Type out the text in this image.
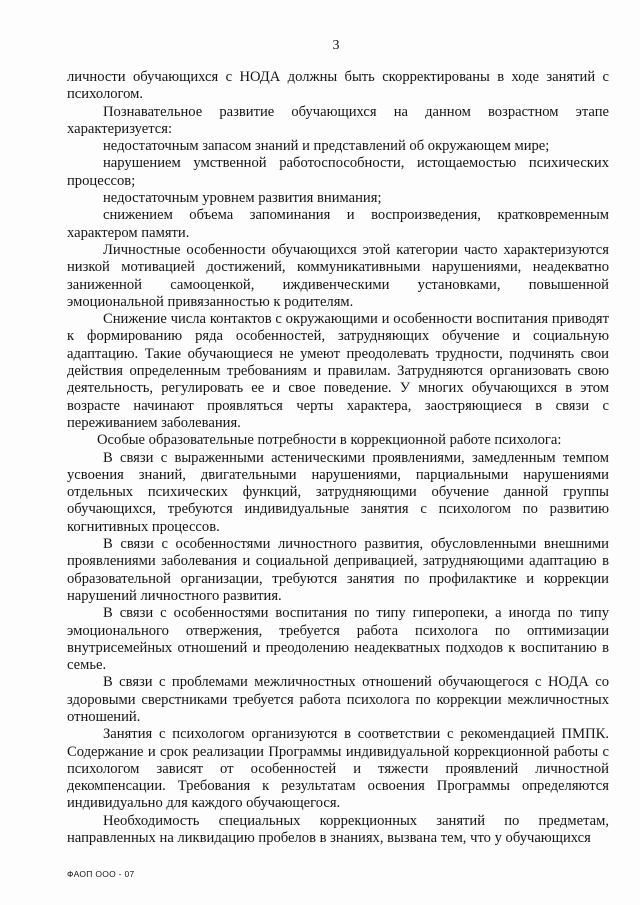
3

личности обучающихся с НОДА должны быть скорректированы в ходе занятий с психологом.

Познавательное развитие обучающихся на данном возрастном этапе характеризуется:

недостаточным запасом знаний и представлений об окружающем мире;

нарушением умственной работоспособности, истощаемостью психических процессов;

недостаточным уровнем развития внимания;

снижением объема запоминания и воспроизведения, кратковременным характером памяти.

Личностные особенности обучающихся этой категории часто характеризуются низкой мотивацией достижений, коммуникативными нарушениями, неадекватно заниженной самооценкой, иждивенческими установками, повышенной эмоциональной привязанностью к родителям.

Снижение числа контактов с окружающими и особенности воспитания приводят к формированию ряда особенностей, затрудняющих обучение и социальную адаптацию. Такие обучающиеся не умеют преодолевать трудности, подчинять свои действия определенным требованиям и правилам. Затрудняются организовать свою деятельность, регулировать ее и свое поведение. У многих обучающихся в этом возрасте начинают проявляться черты характера, заостряющиеся в связи с переживанием заболевания.

Особые образовательные потребности в коррекционной работе психолога:

В связи с выраженными астеническими проявлениями, замедленным темпом усвоения знаний, двигательными нарушениями, парциальными нарушениями отдельных психических функций, затрудняющими обучение данной группы обучающихся, требуются индивидуальные занятия с психологом по развитию когнитивных процессов.

В связи с особенностями личностного развития, обусловленными внешними проявлениями заболевания и социальной депривацией, затрудняющими адаптацию в образовательной организации, требуются занятия по профилактике и коррекции нарушений личностного развития.

В связи с особенностями воспитания по типу гиперопеки, а иногда по типу эмоционального отвержения, требуется работа психолога по оптимизации внутрисемейных отношений и преодолению неадекватных подходов к воспитанию в семье.

В связи с проблемами межличностных отношений обучающегося с НОДА со здоровыми сверстниками требуется работа психолога по коррекции межличностных отношений.

Занятия с психологом организуются в соответствии с рекомендацией ПМПК. Содержание и срок реализации Программы индивидуальной коррекционной работы с психологом зависят от особенностей и тяжести проявлений личностной декомпенсации. Требования к результатам освоения Программы определяются индивидуально для каждого обучающегося.

Необходимость специальных коррекционных занятий по предметам, направленных на ликвидацию пробелов в знаниях, вызвана тем, что у обучающихся

ФАОП ООО - 07
